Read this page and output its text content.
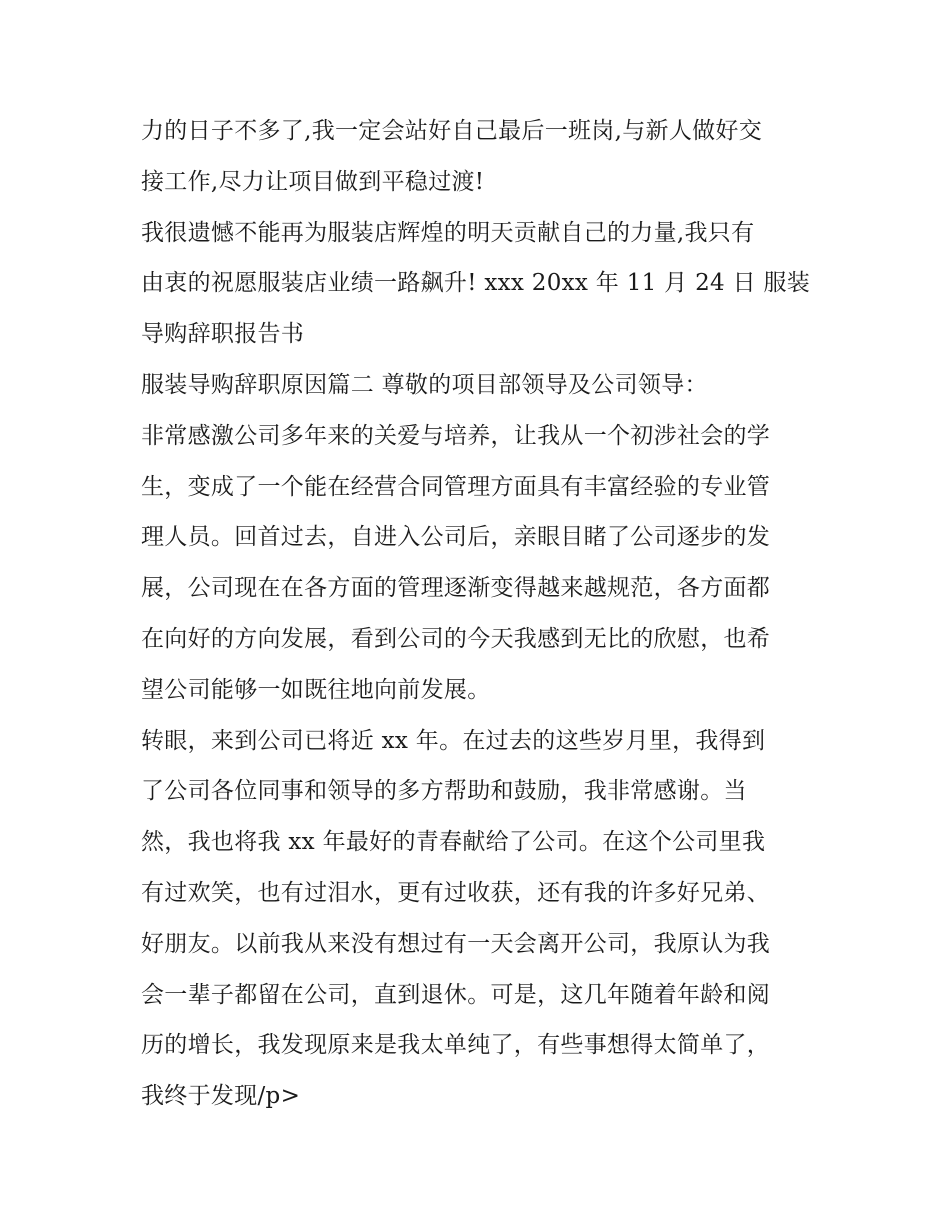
力的日子不多了,我一定会站好自己最后一班岗,与新人做好交
接工作,尽力让项目做到平稳过渡!
我很遗憾不能再为服装店辉煌的明天贡献自己的力量,我只有
由衷的祝愿服装店业绩一路飙升! xxx 20xx 年 11 月 24 日 服装
导购辞职报告书
服装导购辞职原因篇二 尊敬的项目部领导及公司领导：
非常感激公司多年来的关爱与培养，让我从一个初涉社会的学
生，变成了一个能在经营合同管理方面具有丰富经验的专业管
理人员。回首过去，自进入公司后，亲眼目睹了公司逐步的发
展，公司现在在各方面的管理逐渐变得越来越规范，各方面都
在向好的方向发展，看到公司的今天我感到无比的欣慰，也希
望公司能够一如既往地向前发展。
转眼，来到公司已将近 xx 年。在过去的这些岁月里，我得到
了公司各位同事和领导的多方帮助和鼓励，我非常感谢。当
然，我也将我 xx 年最好的青春献给了公司。在这个公司里我
有过欢笑，也有过泪水，更有过收获，还有我的许多好兄弟、
好朋友。以前我从来没有想过有一天会离开公司，我原认为我
会一辈子都留在公司，直到退休。可是，这几年随着年龄和阅
历的增长，我发现原来是我太单纯了，有些事想得太简单了，
我终于发现/p>
